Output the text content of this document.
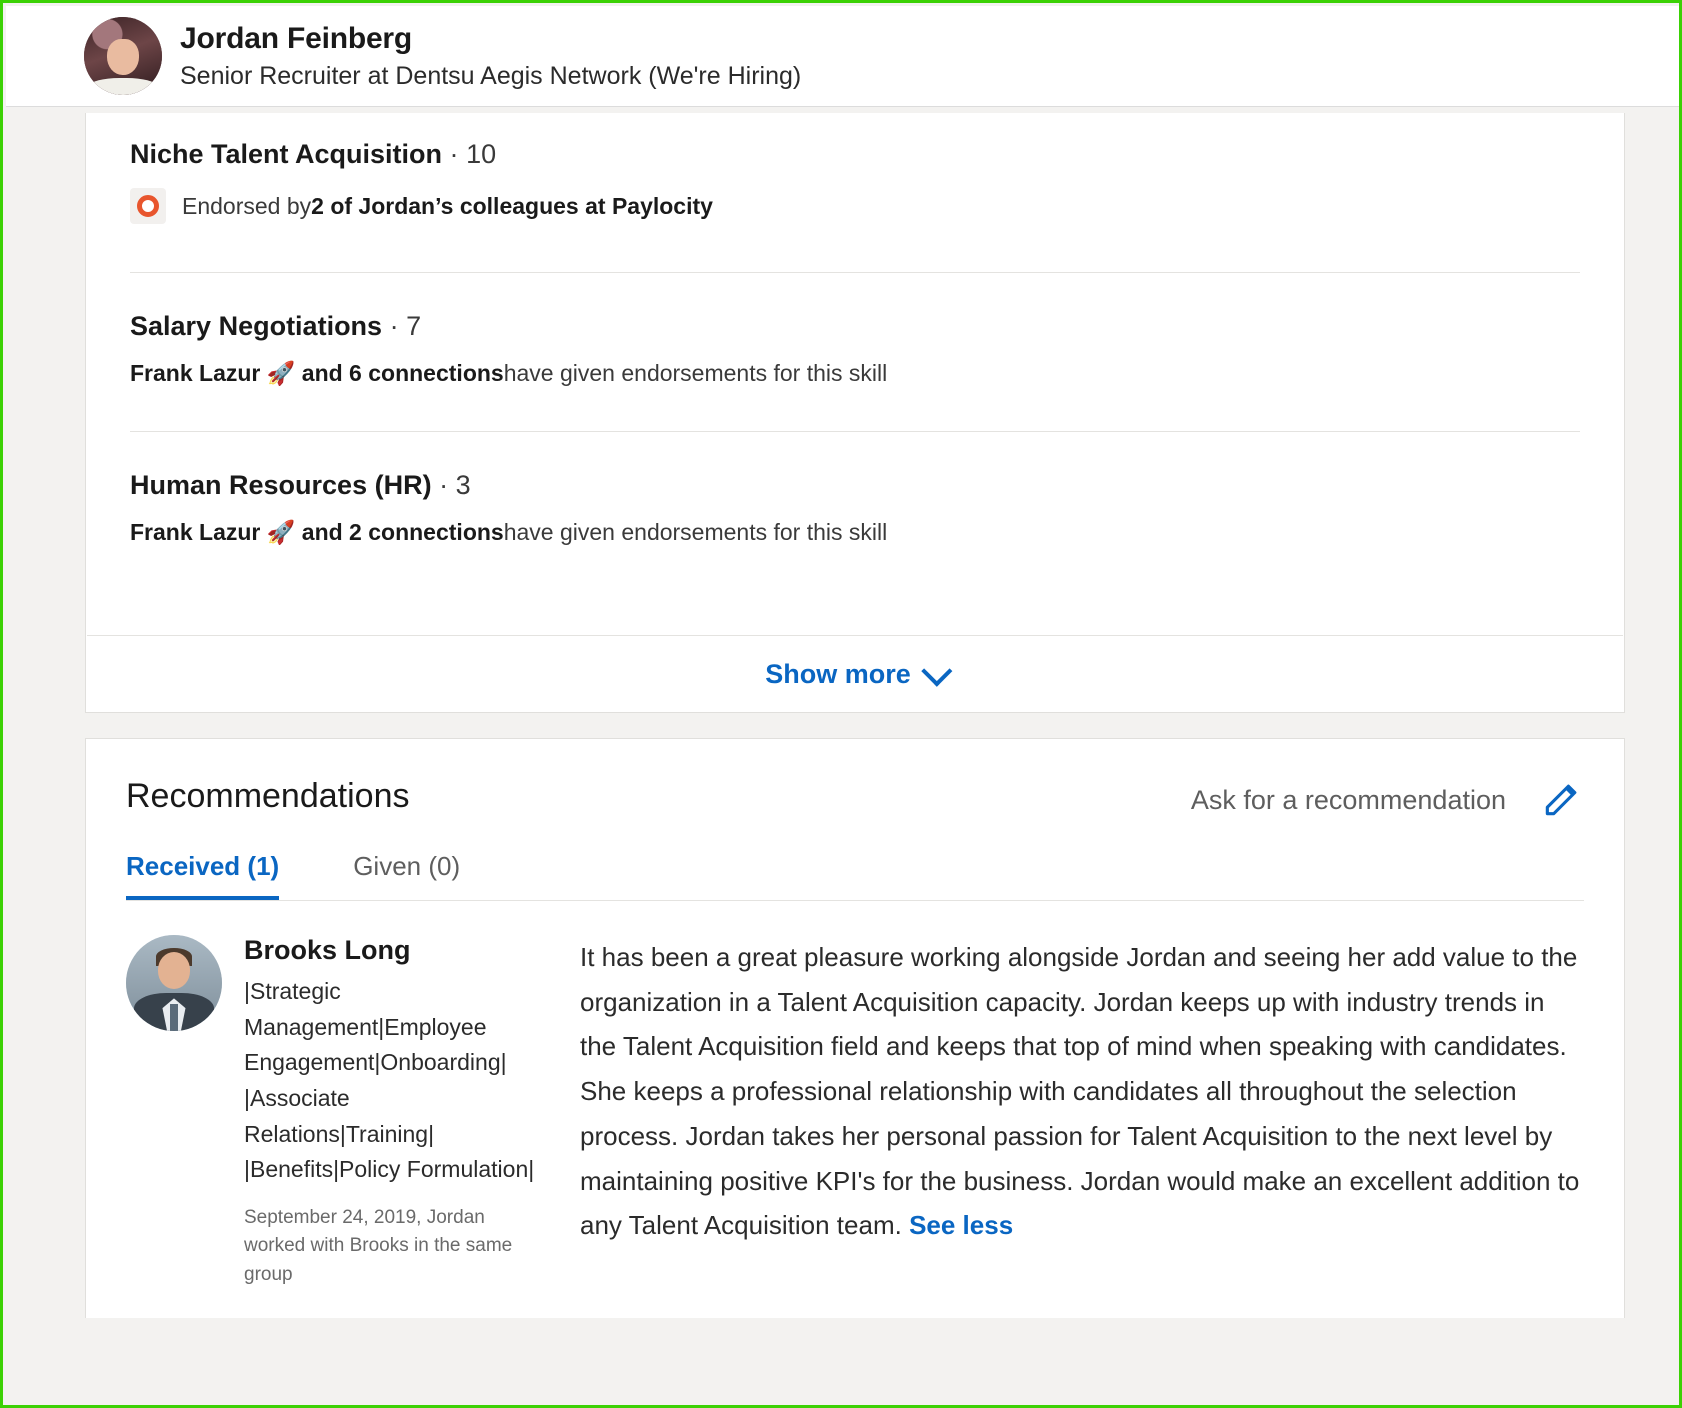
Jordan Feinberg
Senior Recruiter at Dentsu Aegis Network (We're Hiring)
Niche Talent Acquisition · 10
Endorsed by 2 of Jordan’s colleagues at Paylocity
Salary Negotiations · 7
Frank Lazur 🚀 and 6 connections have given endorsements for this skill
Human Resources (HR) · 3
Frank Lazur 🚀 and 2 connections have given endorsements for this skill
Show more
Recommendations	Ask for a recommendation
Received (1)	Given (0)
Brooks Long
|Strategic Management|Employee Engagement|Onboarding| |Associate Relations|Training| |Benefits|Policy Formulation|
September 24, 2019, Jordan worked with Brooks in the same group
It has been a great pleasure working alongside Jordan and seeing her add value to the organization in a Talent Acquisition capacity. Jordan keeps up with industry trends in the Talent Acquisition field and keeps that top of mind when speaking with candidates. She keeps a professional relationship with candidates all throughout the selection process. Jordan takes her personal passion for Talent Acquisition to the next level by maintaining positive KPI's for the business. Jordan would make an excellent addition to any Talent Acquisition team. See less
